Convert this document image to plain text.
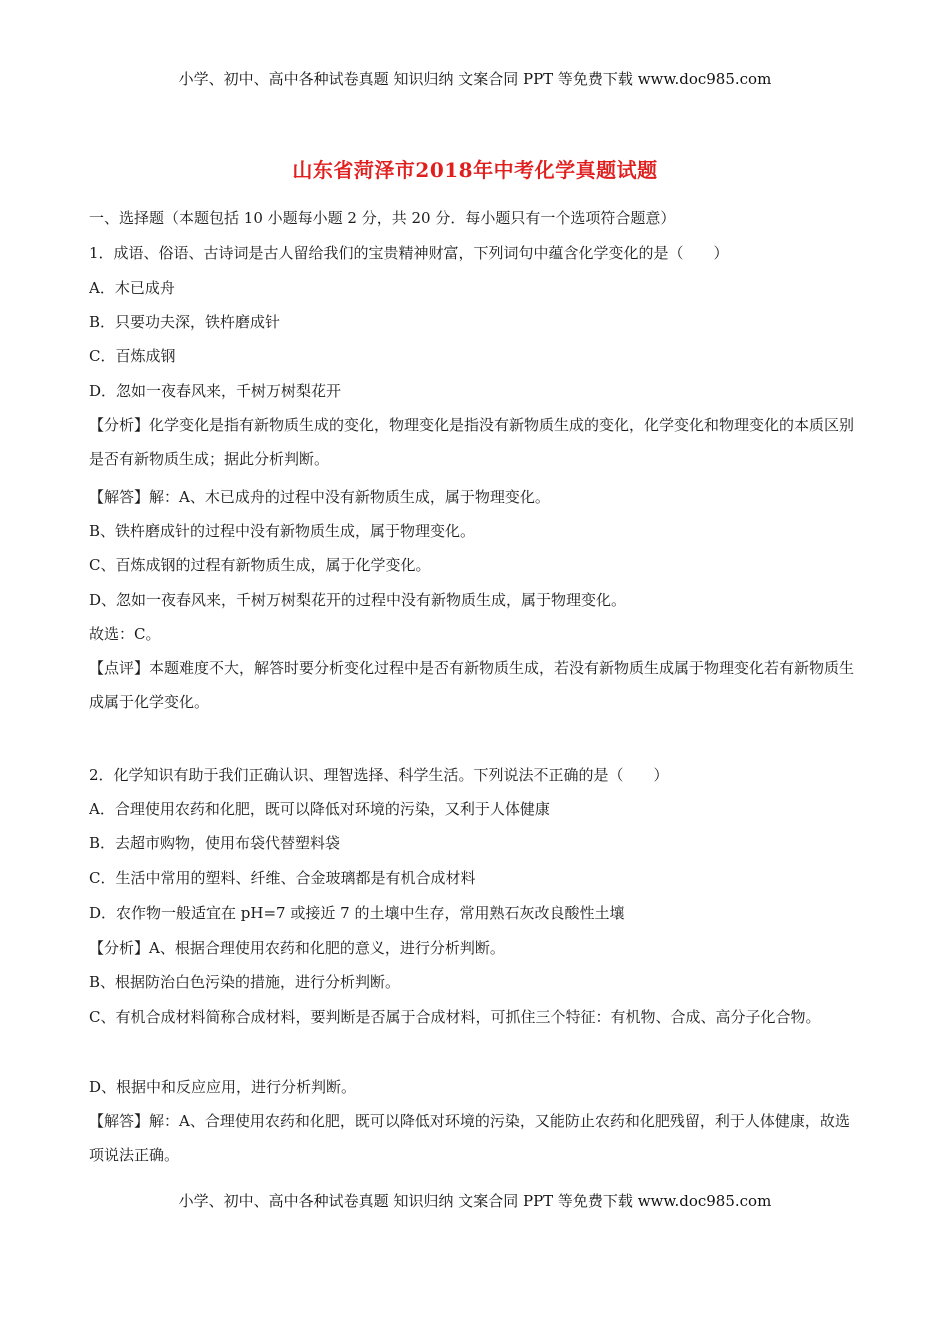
小学、初中、高中各种试卷真题 知识归纳 文案合同 PPT 等免费下载 www.doc985.com
山东省菏泽市2018年中考化学真题试题
一、选择题（本题包括 10 小题每小题 2 分，共 20 分．每小题只有一个选项符合题意）
1．成语、俗语、古诗词是古人留给我们的宝贵精神财富，下列词句中蕴含化学变化的是（　　）
A．木已成舟
B．只要功夫深，铁杵磨成针
C．百炼成钢
D．忽如一夜春风来，千树万树梨花开
【分析】化学变化是指有新物质生成的变化，物理变化是指没有新物质生成的变化，化学变化和物理变化的本质区别是否有新物质生成；据此分析判断。
【解答】解：A、木已成舟的过程中没有新物质生成，属于物理变化。
B、铁杵磨成针的过程中没有新物质生成，属于物理变化。
C、百炼成钢的过程有新物质生成，属于化学变化。
D、忽如一夜春风来，千树万树梨花开的过程中没有新物质生成，属于物理变化。
故选：C。
【点评】本题难度不大，解答时要分析变化过程中是否有新物质生成，若没有新物质生成属于物理变化若有新物质生成属于化学变化。
2．化学知识有助于我们正确认识、理智选择、科学生活。下列说法不正确的是（　　）
A．合理使用农药和化肥，既可以降低对环境的污染，又利于人体健康
B．去超市购物，使用布袋代替塑料袋
C．生活中常用的塑料、纤维、合金玻璃都是有机合成材料
D．农作物一般适宜在 pH=7 或接近 7 的土壤中生存，常用熟石灰改良酸性土壤
【分析】A、根据合理使用农药和化肥的意义，进行分析判断。
B、根据防治白色污染的措施，进行分析判断。
C、有机合成材料简称合成材料，要判断是否属于合成材料，可抓住三个特征：有机物、合成、高分子化合物。
D、根据中和反应应用，进行分析判断。
【解答】解：A、合理使用农药和化肥，既可以降低对环境的污染，又能防止农药和化肥残留，利于人体健康，故选项说法正确。
小学、初中、高中各种试卷真题 知识归纳 文案合同 PPT 等免费下载 www.doc985.com
